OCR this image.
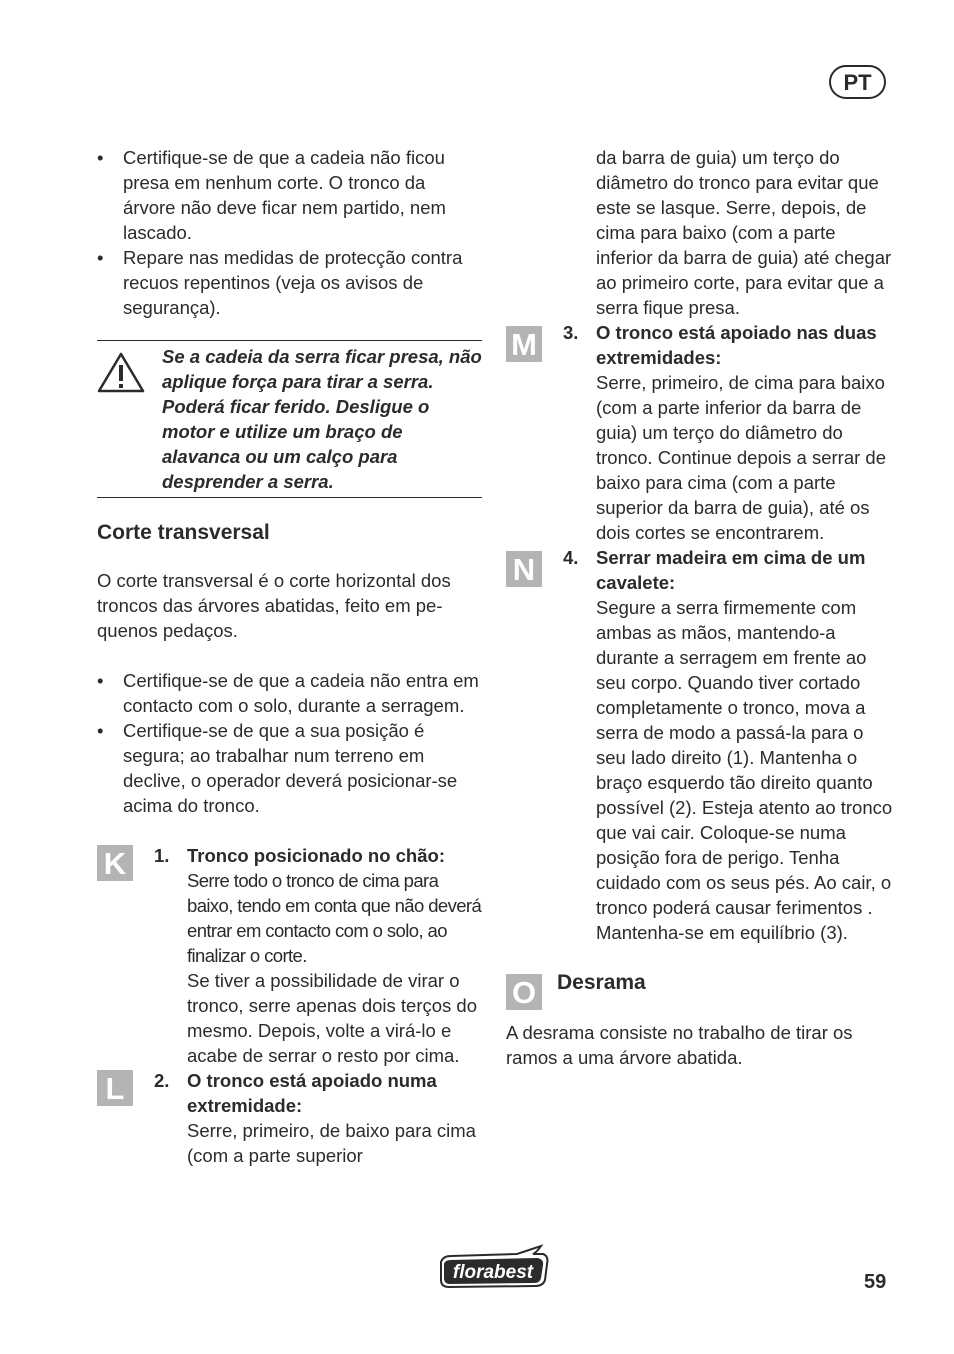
PT
• Certifique-se de que a cadeia não ficou presa em nenhum corte. O tronco da árvore não deve ficar nem partido, nem lascado.
• Repare nas medidas de protecção contra recuos repentinos (veja os avisos de segurança).
Se a cadeia da serra ficar presa, não aplique força para tirar a serra. Poderá ficar ferido. Desligue o motor e utilize um braço de alavanca ou um calço para desprender a serra.
Corte transversal

O corte transversal é o corte horizontal dos troncos das árvores abatidas, feito em pe-quenos pedaços.

• Certifique-se de que a cadeia não entra em contacto com o solo, durante a serragem.
• Certifique-se de que a sua posição é segura; ao trabalhar num terreno em declive, o operador deverá posicionar-se acima do tronco.
K	1. Tronco posicionado no chão:
Serre todo o tronco de cima para baixo, tendo em conta que não deverá entrar em contacto com o solo, ao finalizar o corte.
Se tiver a possibilidade de virar o tronco, serre apenas dois terços do mesmo. Depois, volte a virá-lo e acabe de serrar o resto por cima.
L	2. O tronco está apoiado numa extremidade:
Serre, primeiro, de baixo para cima (com a parte superior
da barra de guia) um terço do diâmetro do tronco para evitar que este se lasque. Serre, depois, de cima para baixo (com a parte inferior da barra de guia) até chegar ao primeiro corte, para evitar que a serra fique presa.
M 3. O tronco está apoiado nas duas extremidades:
Serre, primeiro, de cima para baixo (com a parte inferior da barra de guia) um terço do diâmetro do tronco. Continue depois a serrar de baixo para cima (com a parte superior da barra de guia), até os dois cortes se encontrarem.
N	4. Serrar madeira em cima de um cavalete:
Segure a serra firmemente com ambas as mãos, mantendo-a durante a serragem em frente ao seu corpo. Quando tiver cortado completamente o tronco, mova a serra de modo a passá-la para o seu lado direito (1). Mantenha o braço esquerdo tão direito quanto possível (2). Esteja atento ao tronco que vai cair. Coloque-se numa posição fora de perigo. Tenha cuidado com os seus pés. Ao cair, o tronco poderá causar ferimentos . Mantenha-se em equilíbrio (3).
O Desrama

A desrama consiste no trabalho de tirar os ramos a uma árvore abatida.

florabest	59
